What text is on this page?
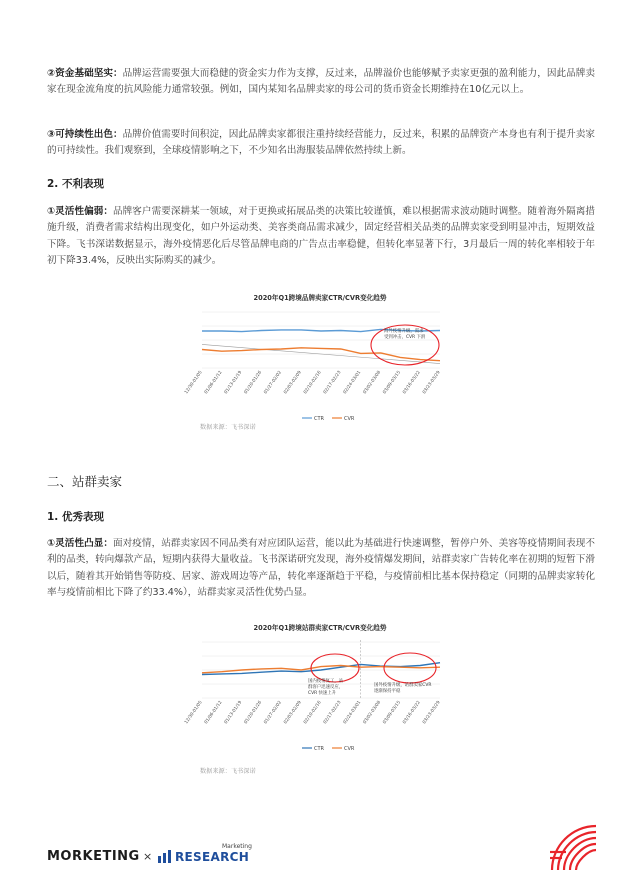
②资金基础坚实：品牌运营需要强大而稳健的资金实力作为支撑，反过来，品牌溢价也能够赋予卖家更强的盈利能力，因此品牌卖家在现金流角度的抗风险能力通常较强。例如，国内某知名品牌卖家的母公司的货币资金长期维持在10亿元以上。
③可持续性出色：品牌价值需要时间积淀，因此品牌卖家都很注重持续经营能力，反过来，积累的品牌资产本身也有利于提升卖家的可持续性。我们观察到，全球疫情影响之下，不少知名出海服装品牌依然持续上新。
2. 不利表现
①灵活性偏弱：品牌客户需要深耕某一领域，对于更换或拓展品类的决策比较谨慎，难以根据需求波动随时调整。随着海外隔离措施升级，消费者需求结构出现变化，如户外运动类、美容类商品需求减少，固定经营相关品类的品牌卖家受到明显冲击，短期效益下降。飞书深诺数据显示，海外疫情恶化后尽管品牌电商的广告点击率稳健，但转化率显著下行，3月最后一周的转化率相较于年初下降33.4%，反映出实际购买的减少。
2020年Q1跨境品牌卖家CTR/CVR变化趋势
海外疫情升级，需求
受到冲击，CVR 下滑
12/30-01/05 01/06-01/12 01/13-01/19 01/20-01/26 01/27-02/02 02/03-02/09 02/10-02/16 02/17-02/23 02/24-03/01 03/02-03/08 03/09-03/15 03/16-03/22 03/23-03/29
CTR	CVR
数据来源：飞书深诺
二、站群卖家
1. 优秀表现
①灵活性凸显：面对疫情，站群卖家因不同品类有对应团队运营，能以此为基础进行快速调整，暂停户外、美容等疫情期间表现不利的品类，转向爆款产品，短期内获得大量收益。飞书深诺研究发现，海外疫情爆发期间，站群卖家广告转化率在初期的短暂下滑以后，随着其开始销售等防疫、居家、游戏周边等产品，转化率逐渐趋于平稳，与疫情前相比基本保持稳定（同期的品牌卖家转化率与疫情前相比下降了约33.4%），站群卖家灵活性优势凸显。
2020年Q1跨境站群卖家CTR/CVR变化趋势
国内疫情复工，站
群客户迅速反应，
CVR 快速上升
国外疫情升级，站群卖家CVR
逐渐保持平稳
12/30-01/05 01/06-01/12 01/13-01/19 01/20-01/26 01/27-02/02 02/03-02/09 02/10-02/16 02/17-02/23 02/24-03/01 03/02-03/08 03/09-03/15 03/16-03/22 03/23-03/29
CTR	CVR
数据来源：飞书深诺
MORKETING × RESEARCH
Marketing
